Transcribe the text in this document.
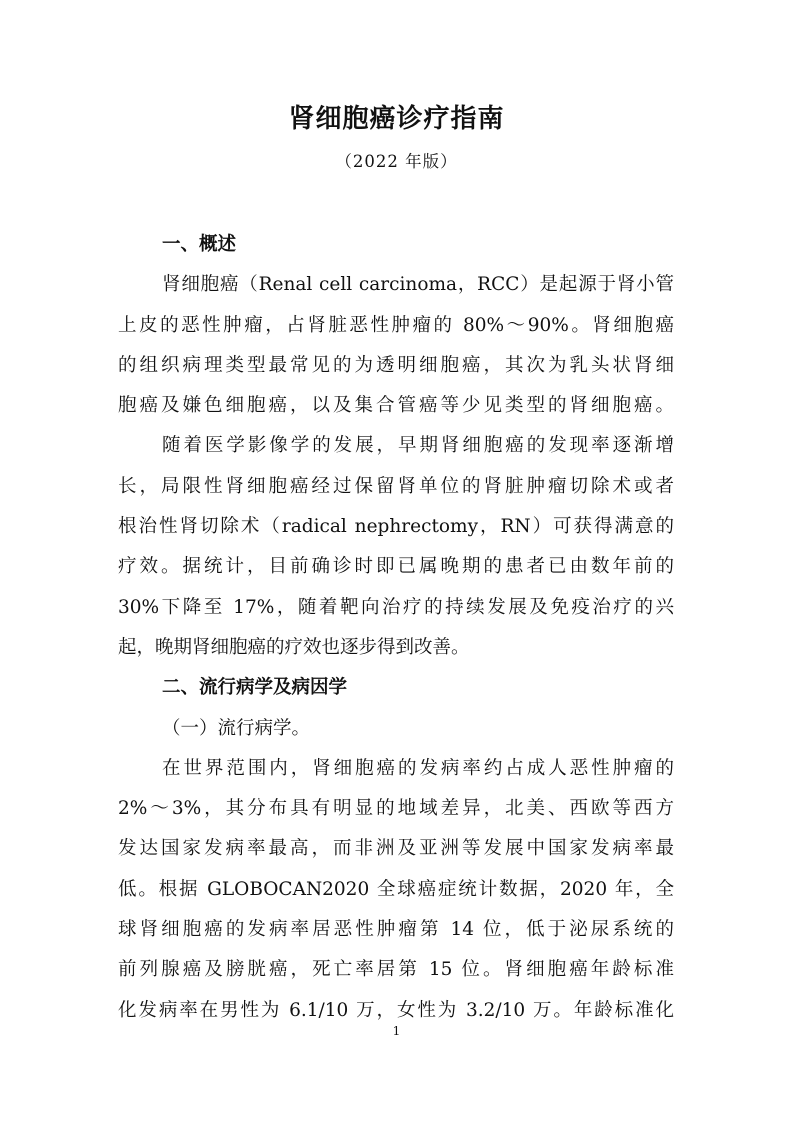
肾细胞癌诊疗指南
（2022 年版）
一、概述
肾细胞癌（Renal cell carcinoma，RCC）是起源于肾小管
上皮的恶性肿瘤，占肾脏恶性肿瘤的 80%～90%。肾细胞癌
的组织病理类型最常见的为透明细胞癌，其次为乳头状肾细
胞癌及嫌色细胞癌，以及集合管癌等少见类型的肾细胞癌。
随着医学影像学的发展，早期肾细胞癌的发现率逐渐增
长，局限性肾细胞癌经过保留肾单位的肾脏肿瘤切除术或者
根治性肾切除术（radical nephrectomy，RN）可获得满意的
疗效。据统计，目前确诊时即已属晚期的患者已由数年前的
30%下降至 17%，随着靶向治疗的持续发展及免疫治疗的兴
起，晚期肾细胞癌的疗效也逐步得到改善。
二、流行病学及病因学
（一）流行病学。
在世界范围内，肾细胞癌的发病率约占成人恶性肿瘤的
2%～3%，其分布具有明显的地域差异，北美、西欧等西方
发达国家发病率最高，而非洲及亚洲等发展中国家发病率最
低。根据 GLOBOCAN2020 全球癌症统计数据，2020 年，全
球肾细胞癌的发病率居恶性肿瘤第 14 位，低于泌尿系统的
前列腺癌及膀胱癌，死亡率居第 15 位。肾细胞癌年龄标准
化发病率在男性为 6.1/10 万，女性为 3.2/10 万。年龄标准化
1
